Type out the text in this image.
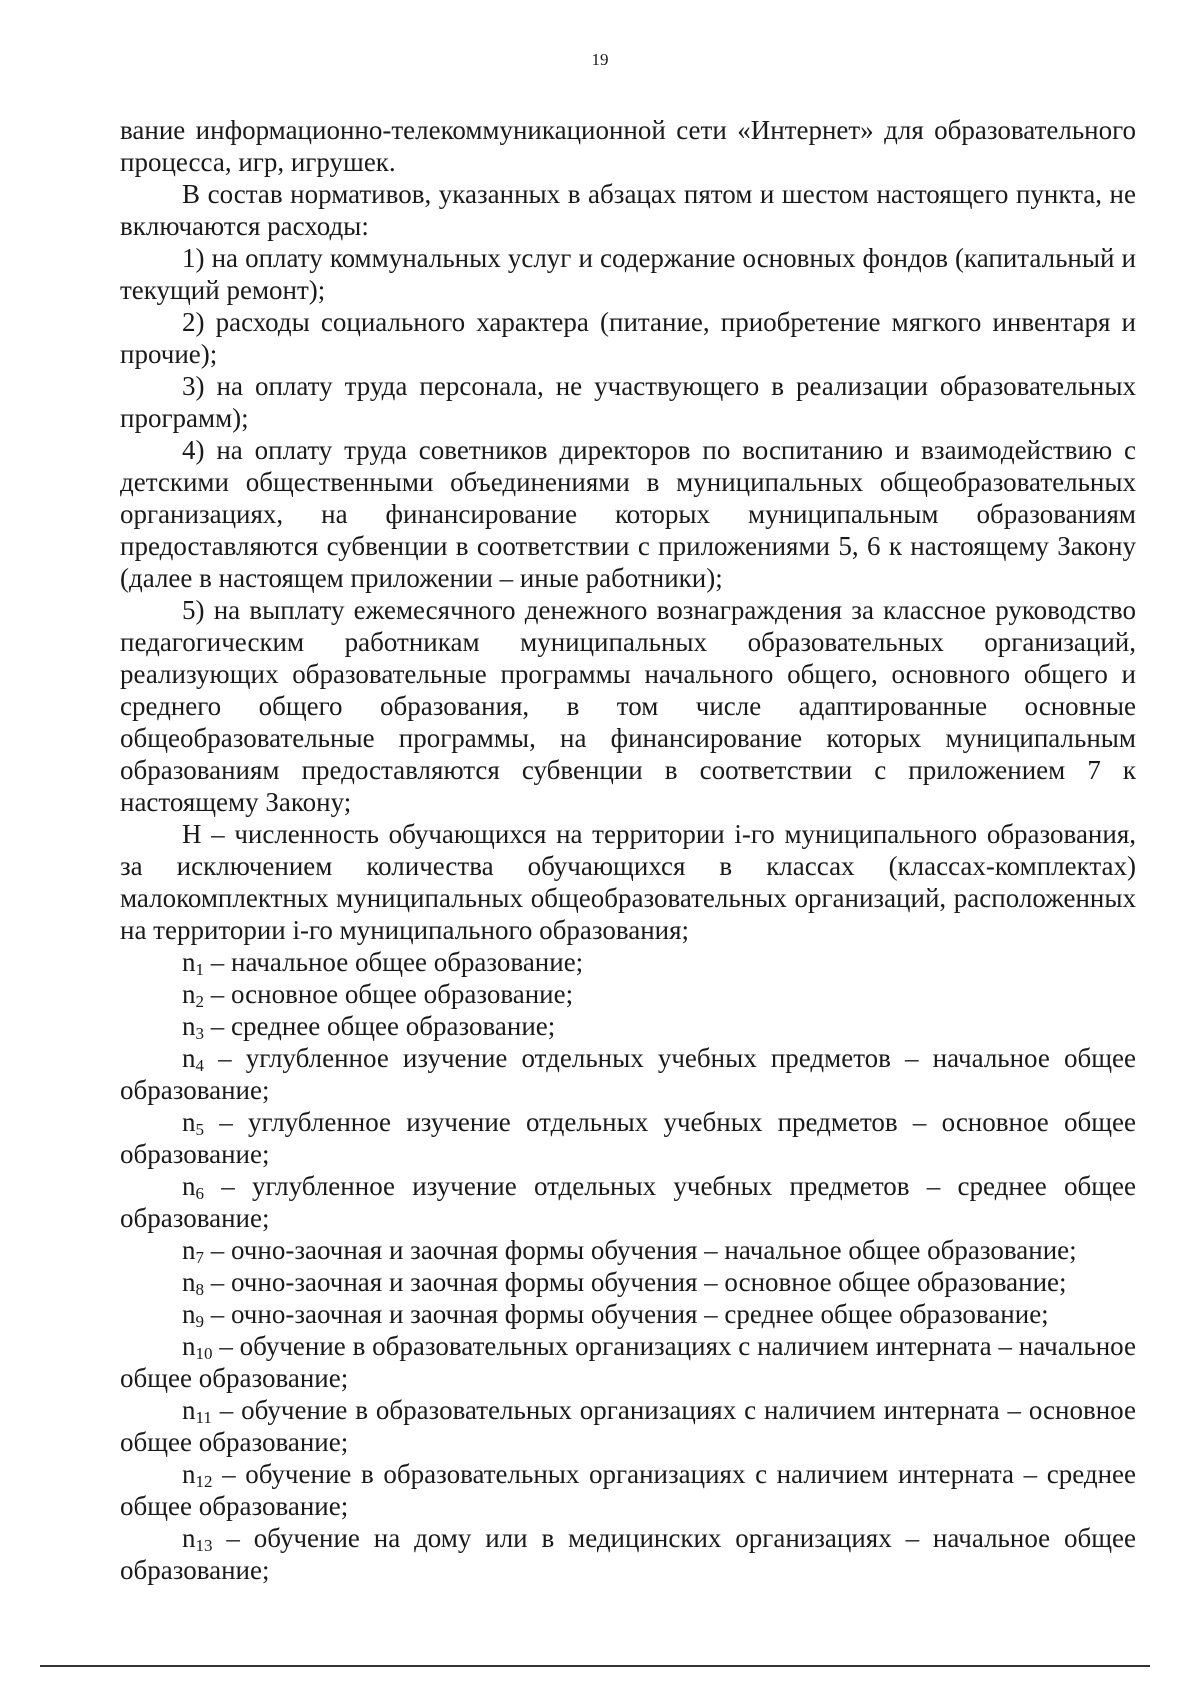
19

вание информационно-телекоммуникационной сети «Интернет» для образовательного процесса, игр, игрушек.

В состав нормативов, указанных в абзацах пятом и шестом настоящего пункта, не включаются расходы:

1) на оплату коммунальных услуг и содержание основных фондов (капитальный и текущий ремонт);

2) расходы социального характера (питание, приобретение мягкого инвентаря и прочие);

3) на оплату труда персонала, не участвующего в реализации образовательных программ);

4) на оплату труда советников директоров по воспитанию и взаимодействию с детскими общественными объединениями в муниципальных общеобразовательных организациях, на финансирование которых муниципальным образованиям предоставляются субвенции в соответствии с приложениями 5, 6 к настоящему Закону (далее в настоящем приложении – иные работники);

5) на выплату ежемесячного денежного вознаграждения за классное руководство педагогическим работникам муниципальных образовательных организаций, реализующих образовательные программы начального общего, основного общего и среднего общего образования, в том числе адаптированные основные общеобразовательные программы, на финансирование которых муниципальным образованиям предоставляются субвенции в соответствии с приложением 7 к настоящему Закону;

Н – численность обучающихся на территории i-го муниципального образования, за исключением количества обучающихся в классах (классах-комплектах) малокомплектных муниципальных общеобразовательных организаций, расположенных на территории i-го муниципального образования;

$n_1$ – начальное общее образование;

$n_2$ – основное общее образование;

$n_3$ – среднее общее образование;

$n_4$ – углубленное изучение отдельных учебных предметов – начальное общее образование;

$n_5$ – углубленное изучение отдельных учебных предметов – основное общее образование;

$n_6$ – углубленное изучение отдельных учебных предметов – среднее общее образование;

$n_7$ – очно-заочная и заочная формы обучения – начальное общее образование;

$n_8$ – очно-заочная и заочная формы обучения – основное общее образование;

$n_9$ – очно-заочная и заочная формы обучения – среднее общее образование;

$n_{10}$ – обучение в образовательных организациях с наличием интерната – начальное общее образование;

$n_{11}$ – обучение в образовательных организациях с наличием интерната – основное общее образование;

$n_{12}$ – обучение в образовательных организациях с наличием интерната – среднее общее образование;

$n_{13}$ – обучение на дому или в медицинских организациях – начальное общее образование;
